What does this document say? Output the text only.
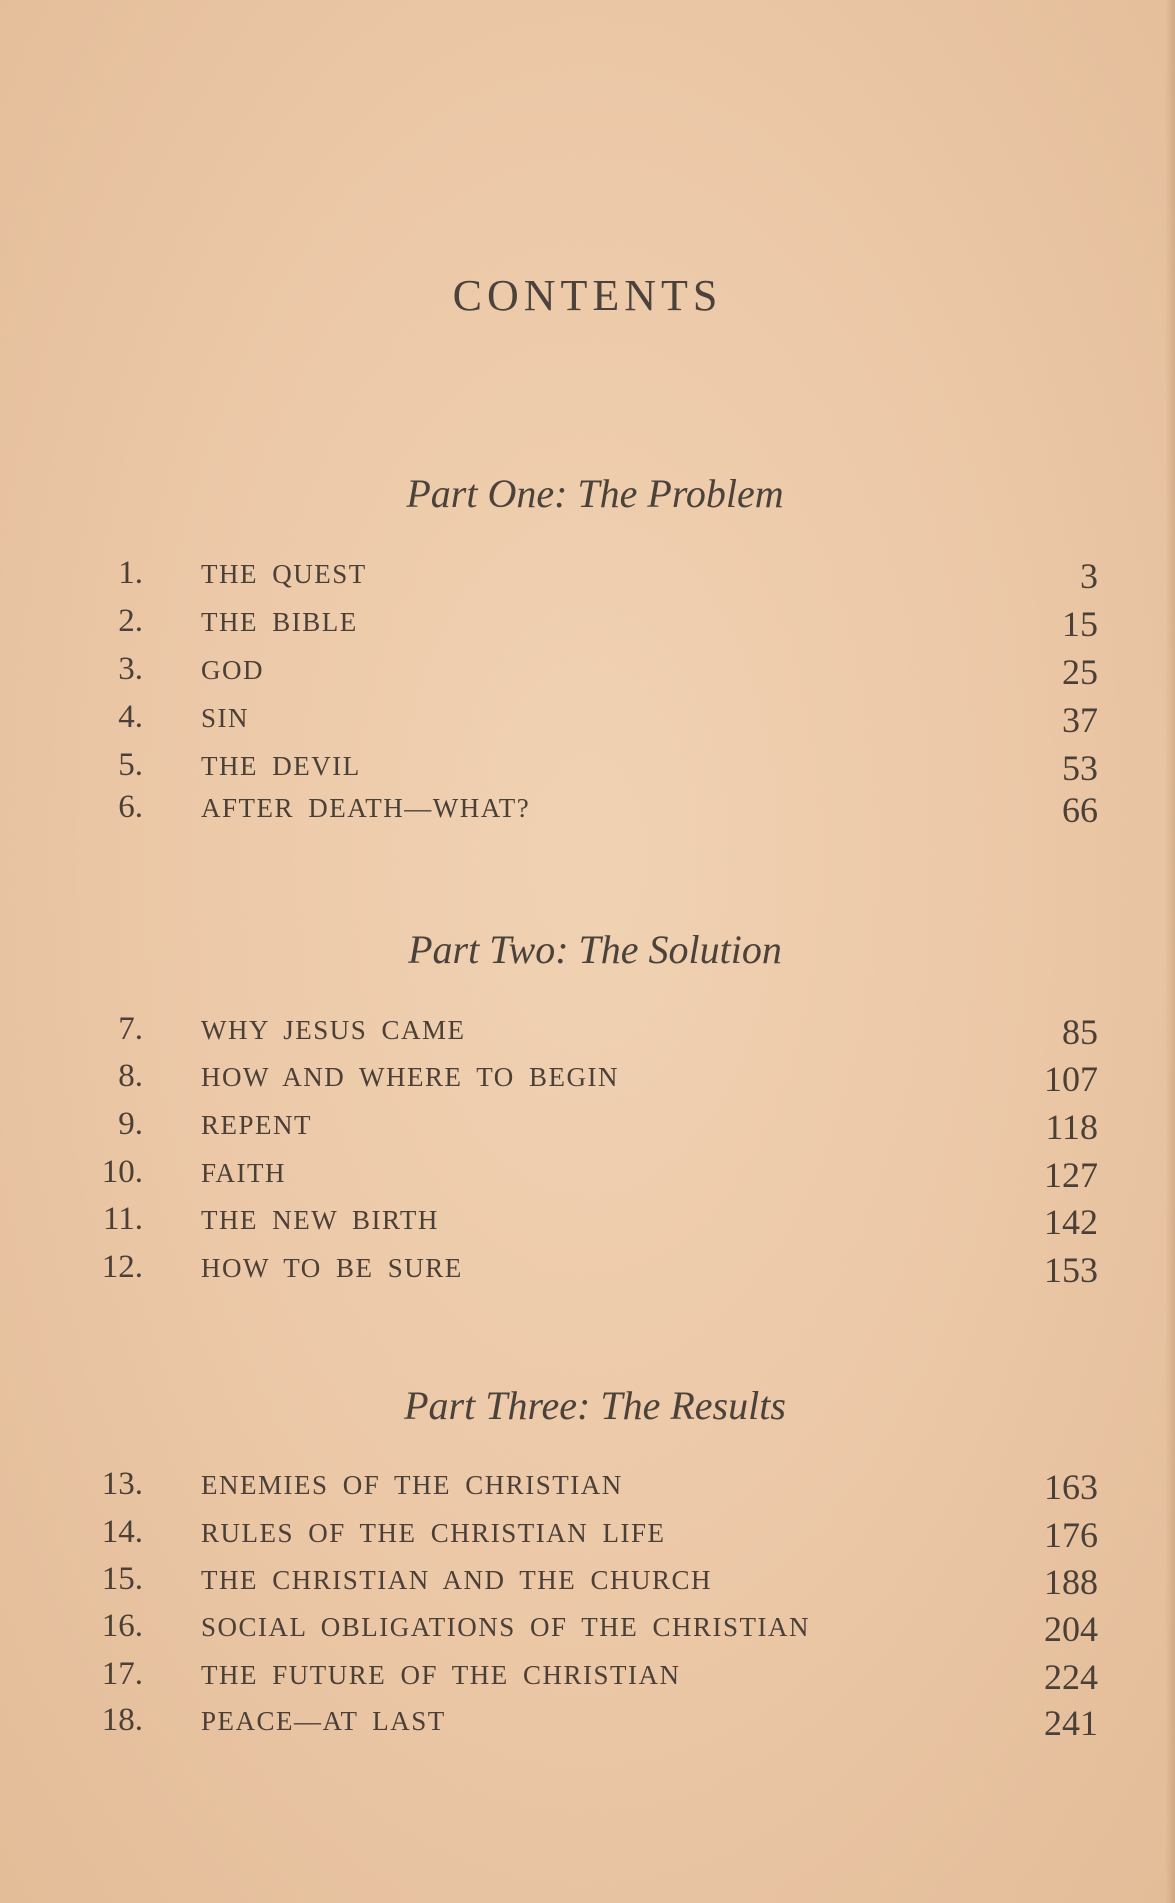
CONTENTS
Part One: The Problem
1. THE QUEST	3
2. THE BIBLE	15
3. GOD	25
4. SIN	37
5. THE DEVIL	53
6. AFTER DEATH—WHAT?	66
Part Two: The Solution
7. WHY JESUS CAME	85
8. HOW AND WHERE TO BEGIN	107
9. REPENT	118
10. FAITH	127
11. THE NEW BIRTH	142
12. HOW TO BE SURE	153
Part Three: The Results
13. ENEMIES OF THE CHRISTIAN	163
14. RULES OF THE CHRISTIAN LIFE	176
15. THE CHRISTIAN AND THE CHURCH	188
16. SOCIAL OBLIGATIONS OF THE CHRISTIAN	204
17. THE FUTURE OF THE CHRISTIAN	224
18. PEACE—AT LAST	241
